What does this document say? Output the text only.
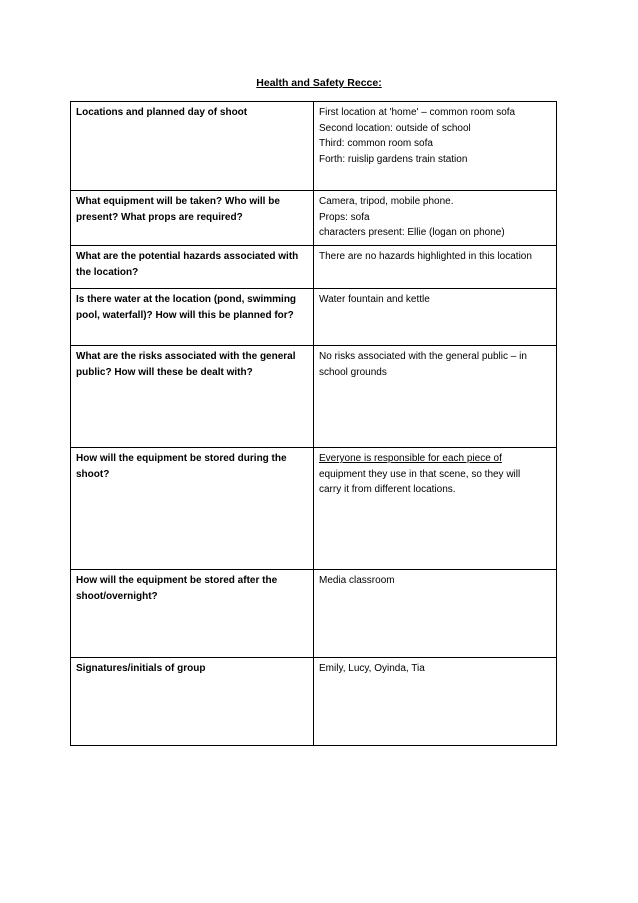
Health and Safety Recce:
Locations and planned day of shoot	First location at 'home' – common room sofa
Second location: outside of school
Third: common room sofa
Forth: ruislip gardens train station

What equipment will be taken? Who will be present? What props are required?	Camera, tripod, mobile phone.
Props: sofa
characters present: Ellie (logan on phone)

What are the potential hazards associated with the location?	There are no hazards highlighted in this location

Is there water at the location (pond, swimming pool, waterfall)? How will this be planned for?	Water fountain and kettle

What are the risks associated with the general public? How will these be dealt with?	No risks associated with the general public – in
school grounds

How will the equipment be stored during the shoot?	Everyone is responsible for each piece of
equipment they use in that scene, so they will
carry it from different locations.

How will the equipment be stored after the shoot/overnight?	Media classroom

Signatures/initials of group	Emily, Lucy, Oyinda, Tia
